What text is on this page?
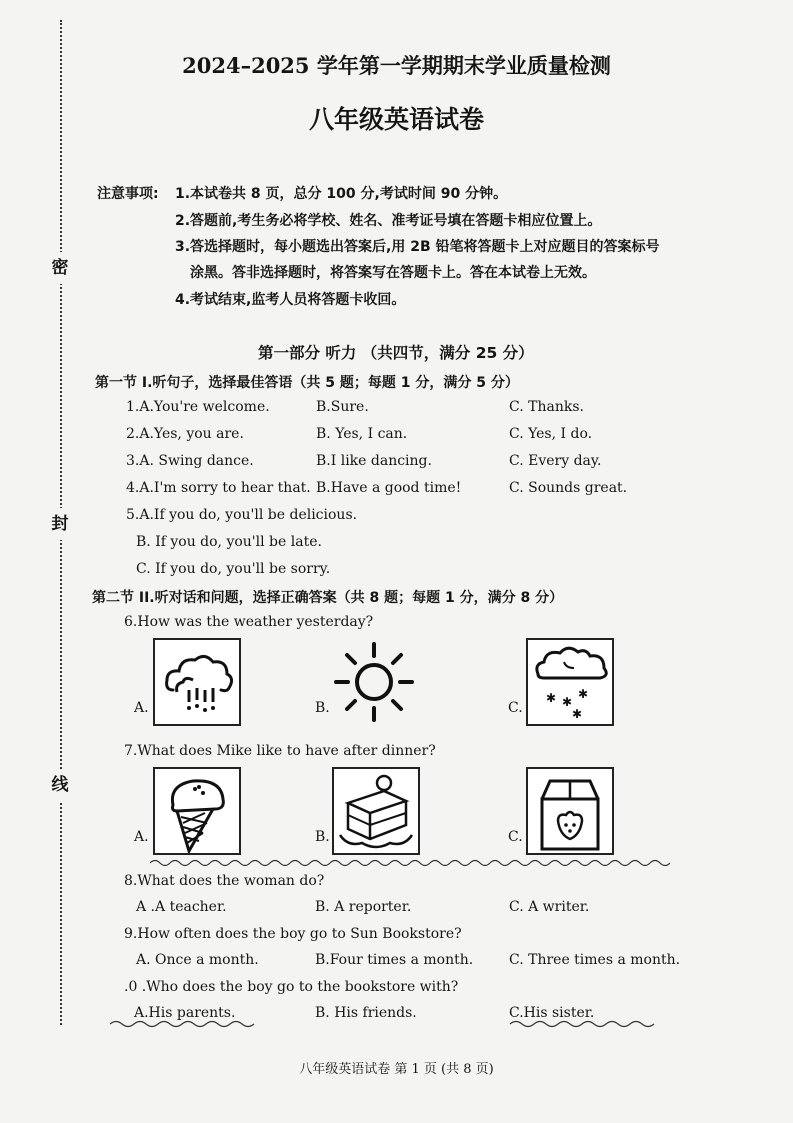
密
封
线
2024–2025 学年第一学期期末学业质量检测
八年级英语试卷
注意事项: 1.本试卷共 8 页，总分 100 分,考试时间 90 分钟。
2.答题前,考生务必将学校、姓名、准考证号填在答题卡相应位置上。
3.答选择题时，每小题选出答案后,用 2B 铅笔将答题卡上对应题目的答案标号
涂黑。答非选择题时，将答案写在答题卡上。答在本试卷上无效。
4.考试结束,监考人员将答题卡收回。
第一部分 听力 （共四节，满分 25 分）
第一节 I.听句子，选择最佳答语（共 5 题；每题 1 分，满分 5 分）
1.A.You're welcome.	B.Sure.	C. Thanks.
2.A.Yes, you are.	B. Yes, I can.	C. Yes, I do.
3.A. Swing dance.	B.I like dancing.	C. Every day.
4.A.I'm sorry to hear that. B.Have a good time!	C. Sounds great.
5.A.If you do, you'll be delicious.
B. If you do, you'll be late.
C. If you do, you'll be sorry.
第二节 II.听对话和问题，选择正确答案（共 8 题；每题 1 分，满分 8 分）
6.How was the weather yesterday?
A.	B.	C.
✱ ✱
✱
✱
7.What does Mike like to have after dinner?
A.	B.	C.
8.What does the woman do?
A .A teacher.	B. A reporter.	C. A writer.
9.How often does the boy go to Sun Bookstore?
A. Once a month.	B.Four times a month.	C. Three times a month.
.0 .Who does the boy go to the bookstore with?
A.His parents.	B. His friends.	C.His sister.
八年级英语试卷 第 1 页 (共 8 页)
